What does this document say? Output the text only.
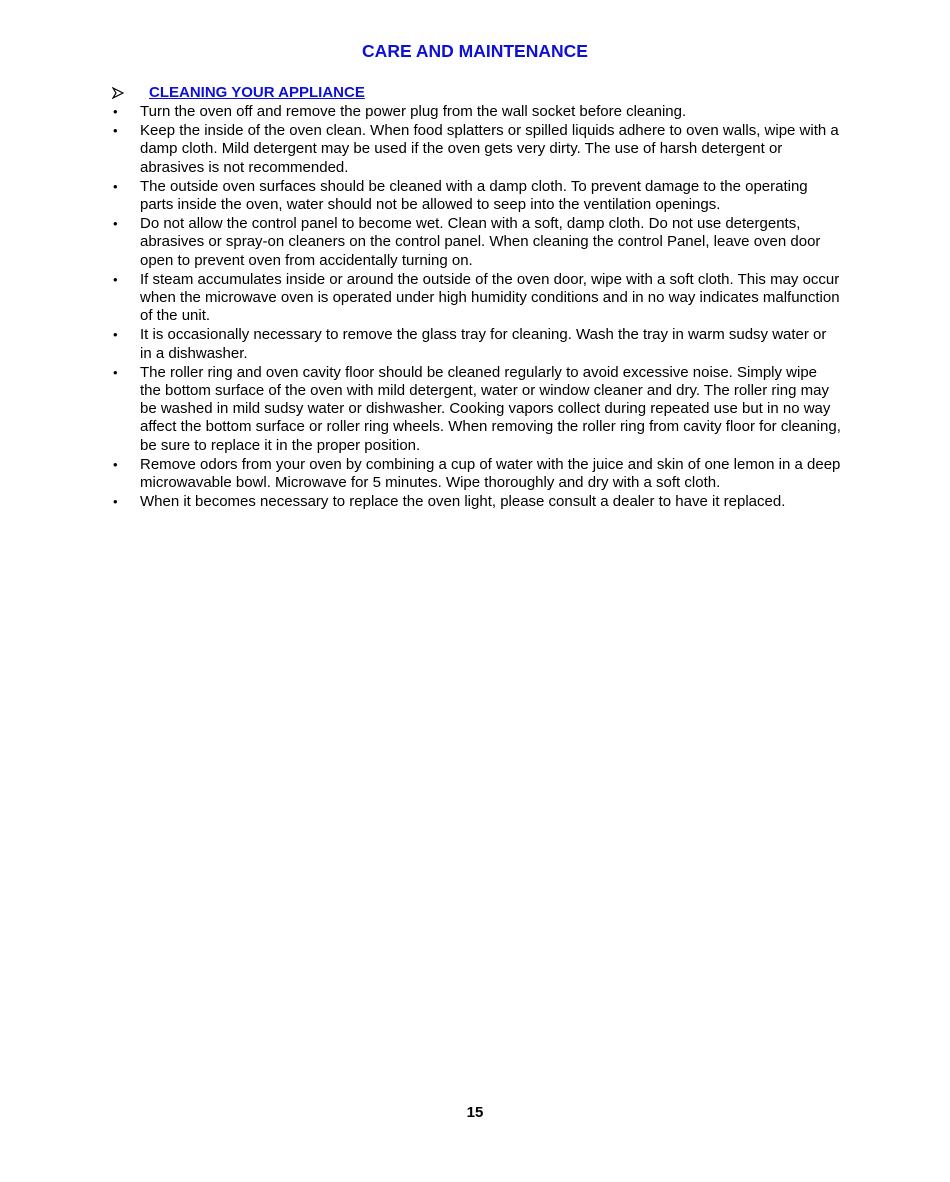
CARE AND MAINTENANCE
CLEANING YOUR APPLIANCE
• Turn the oven off and remove the power plug from the wall socket before cleaning.
• Keep the inside of the oven clean. When food splatters or spilled liquids adhere to oven walls, wipe with a damp cloth. Mild detergent may be used if the oven gets very dirty. The use of harsh detergent or abrasives is not recommended.
• The outside oven surfaces should be cleaned with a damp cloth. To prevent damage to the operating parts inside the oven, water should not be allowed to seep into the ventilation openings.
• Do not allow the control panel to become wet. Clean with a soft, damp cloth. Do not use detergents, abrasives or spray-on cleaners on the control panel. When cleaning the control Panel, leave oven door open to prevent oven from accidentally turning on.
• If steam accumulates inside or around the outside of the oven door, wipe with a soft cloth. This may occur when the microwave oven is operated under high humidity conditions and in no way indicates malfunction of the unit.
• It is occasionally necessary to remove the glass tray for cleaning. Wash the tray in warm sudsy water or in a dishwasher.
• The roller ring and oven cavity floor should be cleaned regularly to avoid excessive noise. Simply wipe the bottom surface of the oven with mild detergent, water or window cleaner and dry. The roller ring may be washed in mild sudsy water or dishwasher. Cooking vapors collect during repeated use but in no way affect the bottom surface or roller ring wheels. When removing the roller ring from cavity floor for cleaning, be sure to replace it in the proper position.
• Remove odors from your oven by combining a cup of water with the juice and skin of one lemon in a deep microwavable bowl. Microwave for 5 minutes. Wipe thoroughly and dry with a soft cloth.
• When it becomes necessary to replace the oven light, please consult a dealer to have it replaced.
15
